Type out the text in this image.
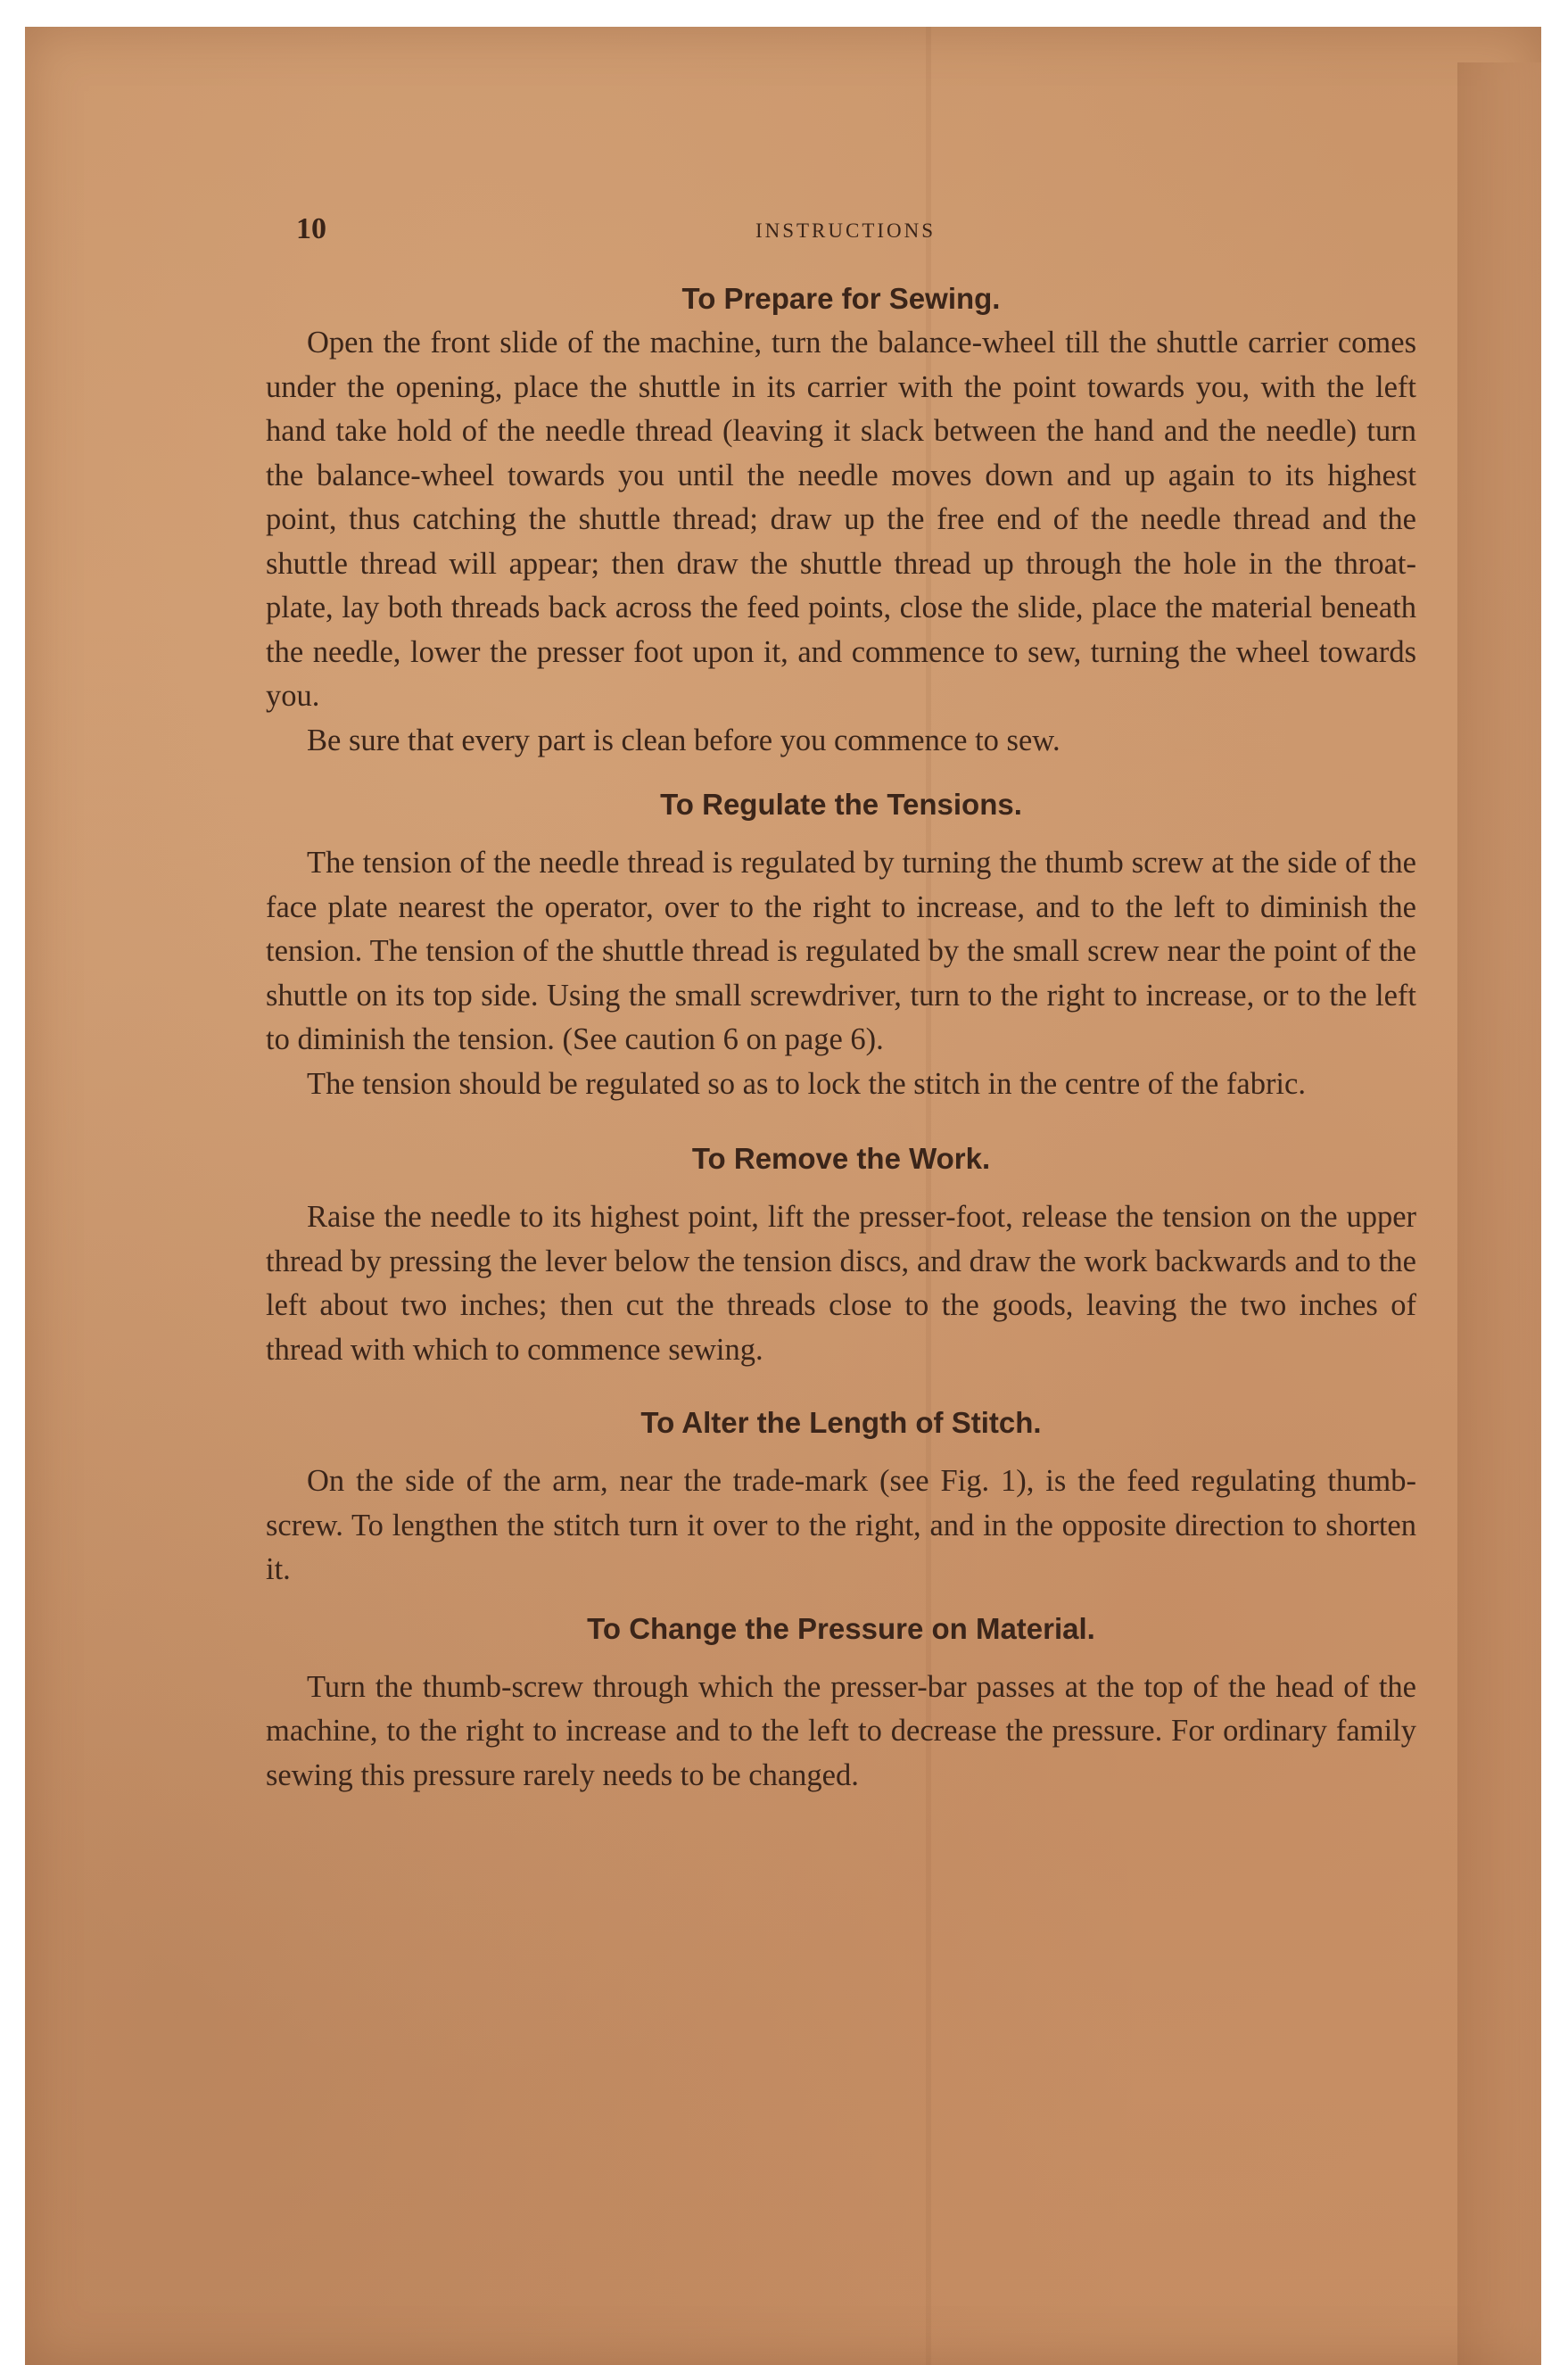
10	INSTRUCTIONS
To Prepare for Sewing.

Open the front slide of the machine, turn the balance-wheel till the shuttle carrier comes under the opening, place the shuttle in its carrier with the point towards you, with the left hand take hold of the needle thread (leaving it slack between the hand and the needle) turn the balance-wheel towards you until the needle moves down and up again to its highest point, thus catching the shuttle thread; draw up the free end of the needle thread and the shuttle thread will appear; then draw the shuttle thread up through the hole in the throat-plate, lay both threads back across the feed points, close the slide, place the material beneath the needle, lower the presser foot upon it, and commence to sew, turning the wheel towards you.

Be sure that every part is clean before you commence to sew.

To Regulate the Tensions.

The tension of the needle thread is regulated by turning the thumb screw at the side of the face plate nearest the operator, over to the right to increase, and to the left to diminish the tension. The tension of the shuttle thread is regulated by the small screw near the point of the shuttle on its top side. Using the small screwdriver, turn to the right to increase, or to the left to diminish the tension. (See caution 6 on page 6).

The tension should be regulated so as to lock the stitch in the centre of the fabric.

To Remove the Work.

Raise the needle to its highest point, lift the presser-foot, release the tension on the upper thread by pressing the lever below the tension discs, and draw the work backwards and to the left about two inches; then cut the threads close to the goods, leaving the two inches of thread with which to commence sewing.

To Alter the Length of Stitch.

On the side of the arm, near the trade-mark (see Fig. 1), is the feed regulating thumb-screw. To lengthen the stitch turn it over to the right, and in the opposite direction to shorten it.

To Change the Pressure on Material.

Turn the thumb-screw through which the presser-bar passes at the top of the head of the machine, to the right to increase and to the left to decrease the pressure. For ordinary family sewing this pressure rarely needs to be changed.
